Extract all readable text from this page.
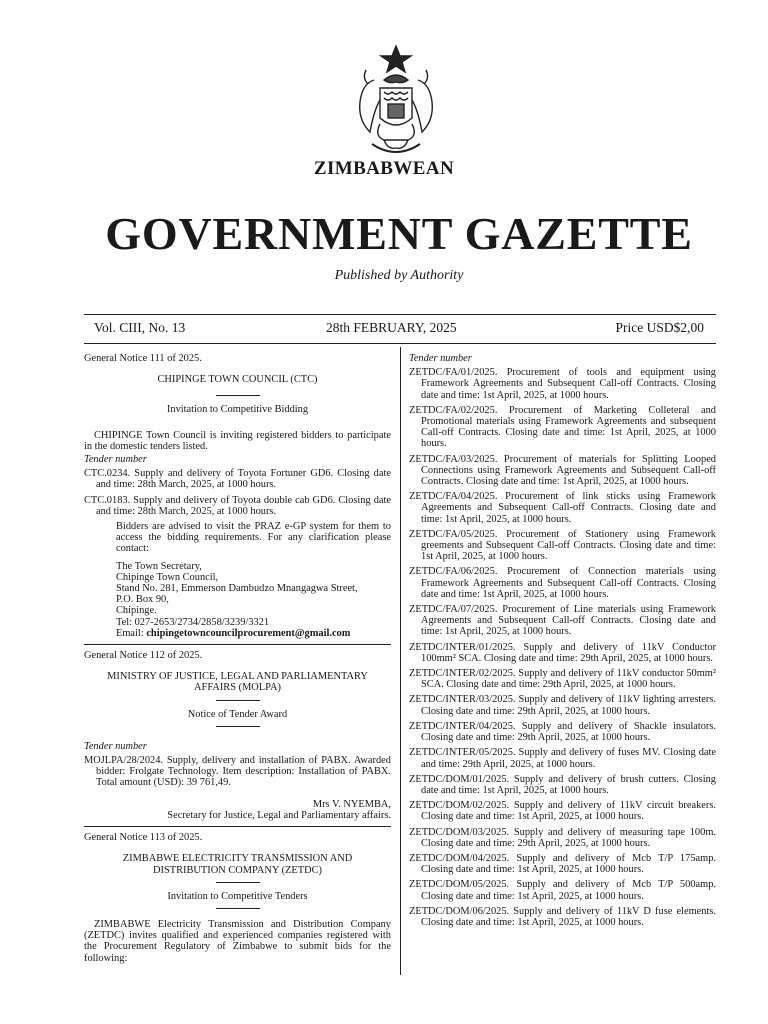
ZIMBABWEAN
GOVERNMENT GAZETTE
Published by Authority
Vol. CIII, No. 13	28th FEBRUARY, 2025	Price USD$2,00

General Notice 111 of 2025.

CHIPINGE TOWN COUNCIL (CTC)

Invitation to Competitive Bidding

CHIPINGE Town Council is inviting registered bidders to participate in the domestic tenders listed.

Tender number

CTC.0234. Supply and delivery of Toyota Fortuner GD6. Closing date and time: 28th March, 2025, at 1000 hours.

CTC.0183. Supply and delivery of Toyota double cab GD6. Closing date and time: 28th March, 2025, at 1000 hours.

Bidders are advised to visit the PRAZ e-GP system for them to access the bidding requirements. For any clarification please contact:

The Town Secretary,

Chipinge Town Council,

Stand No. 281, Emmerson Dambudzo Mnangagwa Street,

P.O. Box 90,

Chipinge.

Tel: 027-2653/2734/2858/3239/3321

Email: chipingetowncouncilprocurement@gmail.com

General Notice 112 of 2025.

MINISTRY OF JUSTICE, LEGAL AND PARLIAMENTARY AFFAIRS (MOLPA)

Notice of Tender Award

Tender number

MOJLPA/28/2024. Supply, delivery and installation of PABX. Awarded bidder: Frolgate Technology. Item description: Installation of PABX. Total amount (USD): 39 761,49.

Mrs V. NYEMBA,

Secretary for Justice, Legal and Parliamentary affairs.

General Notice 113 of 2025.

ZIMBABWE ELECTRICITY TRANSMISSION AND DISTRIBUTION COMPANY (ZETDC)

Invitation to Competitive Tenders

ZIMBABWE Electricity Transmission and Distribution Company (ZETDC) invites qualified and experienced companies registered with the Procurement Regulatory of Zimbabwe to submit bids for the following:

Tender number

ZETDC/FA/01/2025. Procurement of tools and equipment using Framework Agreements and Subsequent Call-off Contracts. Closing date and time: 1st April, 2025, at 1000 hours.

ZETDC/FA/02/2025. Procurement of Marketing Colleteral and Promotional materials using Framework Agreements and subsequent Call-off Contracts. Closing date and time: 1st April, 2025, at 1000 hours.

ZETDC/FA/03/2025. Procurement of materials for Splitting Looped Connections using Framework Agreements and Subsequent Call-off Contracts. Closing date and time: 1st April, 2025, at 1000 hours.

ZETDC/FA/04/2025. Procurement of link sticks using Framework Agreements and Subsequent Call-off Contracts. Closing date and time: 1st April, 2025, at 1000 hours.

ZETDC/FA/05/2025. Procurement of Stationery using Framework greements and Subsequent Call-off Contracts. Closing date and time: 1st April, 2025, at 1000 hours.

ZETDC/FA/06/2025. Procurement of Connection materials using Framework Agreements and Subsequent Call-off Contracts. Closing date and time: 1st April, 2025, at 1000 hours.

ZETDC/FA/07/2025. Procurement of Line materials using Framework Agreements and Subsequent Call-off Contracts. Closing date and time: 1st April, 2025, at 1000 hours.

ZETDC/INTER/01/2025. Supply and delivery of 11kV Conductor 100mm² SCA. Closing date and time: 29th April, 2025, at 1000 hours.

ZETDC/INTER/02/2025. Supply and delivery of 11kV conductor 50mm² SCA. Closing date and time: 29th April, 2025, at 1000 hours.

ZETDC/INTER/03/2025. Supply and delivery of 11kV lighting arresters. Closing date and time: 29th April, 2025, at 1000 hours.

ZETDC/INTER/04/2025. Supply and delivery of Shackle insulators. Closing date and time: 29th April, 2025, at 1000 hours.

ZETDC/INTER/05/2025. Supply and delivery of fuses MV. Closing date and time: 29th April, 2025, at 1000 hours.

ZETDC/DOM/01/2025. Supply and delivery of brush cutters. Closing date and time: 1st April, 2025, at 1000 hours.

ZETDC/DOM/02/2025. Supply and delivery of 11kV circuit breakers. Closing date and time: 1st April, 2025, at 1000 hours.

ZETDC/DOM/03/2025. Supply and delivery of measuring tape 100m. Closing date and time: 29th April, 2025, at 1000 hours.

ZETDC/DOM/04/2025. Supply and delivery of Mcb T/P 175amp. Closing date and time: 1st April, 2025, at 1000 hours.

ZETDC/DOM/05/2025. Supply and delivery of Mcb T/P 500amp. Closing date and time: 1st April, 2025, at 1000 hours.

ZETDC/DOM/06/2025. Supply and delivery of 11kV D fuse elements. Closing date and time: 1st April, 2025, at 1000 hours.
